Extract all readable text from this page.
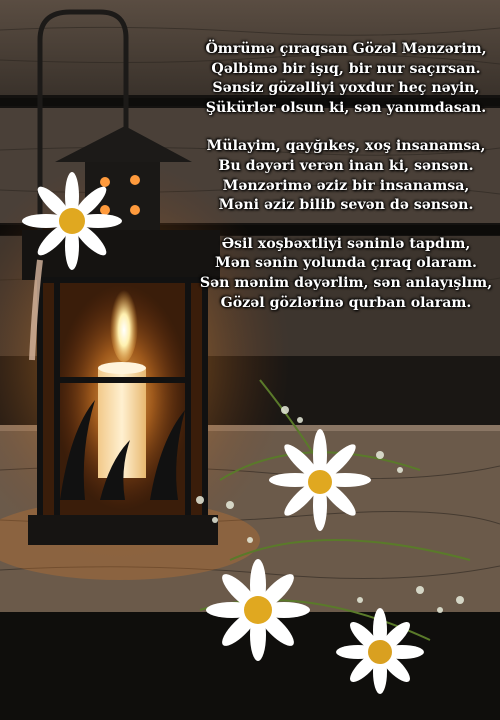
Ömrümə çıraqsan Gözəl Mənzərim,
Qəlbimə bir işıq, bir nur saçırsan.
Sənsiz gözəlliyi yoxdur heç nəyin,
Şükürlər olsun ki, sən yanımdasan.
Mülayim, qayğıkeş, xoş insanamsa,
Bu dəyəri verən inan ki, sənsən.
Mənzərimə əziz bir insanamsa,
Məni əziz bilib sevən də sənsən.
Əsil xoşbəxtliyi səninlə tapdım,
Mən sənin yolunda çıraq olaram.
Sən mənim dəyərlim, sən anlayışlım,
Gözəl gözlərinə qurban olaram.
